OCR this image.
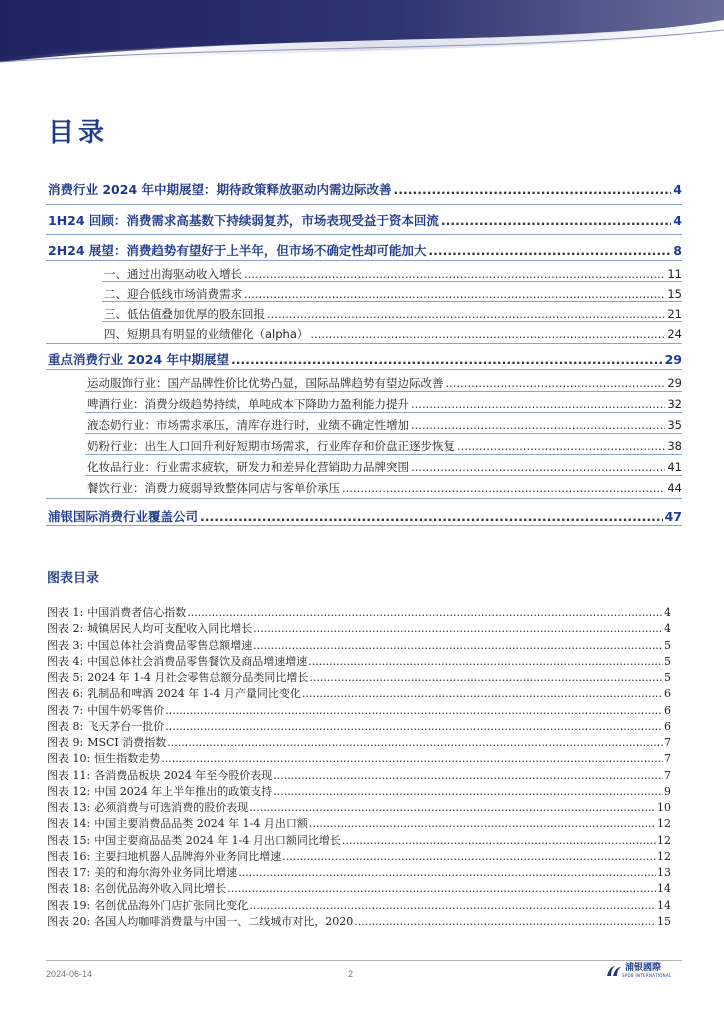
目录
消费行业 2024 年中期展望：期待政策释放驱动内需边际改善 .....	4
1H24 回顾：消费需求高基数下持续弱复苏，市场表现受益于资本回流 .....	4
2H24 展望：消费趋势有望好于上半年，但市场不确定性却可能加大 .....	8
一、通过出海驱动收入增长 .....	11
二、迎合低线市场消费需求 .....	15
三、低估值叠加优厚的股东回报 .....	21
四、短期具有明显的业绩催化（alpha） .....	24
重点消费行业 2024 年中期展望 .....	29
运动服饰行业：国产品牌性价比优势凸显，国际品牌趋势有望边际改善 .....	29
啤酒行业：消费分级趋势持续，单吨成本下降助力盈利能力提升 .....	32
液态奶行业：市场需求承压，清库存进行时，业绩不确定性增加 .....	35
奶粉行业：出生人口回升利好短期市场需求，行业库存和价盘正逐步恢复 .....	38
化妆品行业：行业需求疲软，研发力和差异化营销助力品牌突围 .....	41
餐饮行业：消费力疲弱导致整体同店与客单价承压 .....	44
浦银国际消费行业覆盖公司 .....	47
图表目录
图表 1: 中国消费者信心指数 .....	4
图表 2: 城镇居民人均可支配收入同比增长 .....	4
图表 3: 中国总体社会消费品零售总额增速 .....	5
图表 4: 中国总体社会消费品零售餐饮及商品增速增速 .....	5
图表 5: 2024 年 1-4 月社会零售总额分品类同比增长 .....	5
图表 6: 乳制品和啤酒 2024 年 1-4 月产量同比变化 .....	6
图表 7: 中国牛奶零售价 .....	6
图表 8: 飞天茅台一批价 .....	6
图表 9: MSCI 消费指数 .....	7
图表 10: 恒生指数走势 .....	7
图表 11: 各消费品板块 2024 年至今股价表现 .....	7
图表 12: 中国 2024 年上半年推出的政策支持 .....	9
图表 13: 必须消费与可选消费的股价表现 .....	10
图表 14: 中国主要消费品品类 2024 年 1-4 月出口额 .....	12
图表 15: 中国主要商品品类 2024 年 1-4 月出口额同比增长 .....	12
图表 16: 主要扫地机器人品牌海外业务同比增速 .....	12
图表 17: 美的和海尔海外业务同比增速 .....	13
图表 18: 名创优品海外收入同比增长 .....	14
图表 19: 名创优品海外门店扩张同比变化 .....	14
图表 20: 各国人均咖啡消费量与中国一、二线城市对比，2020 .....	15
2024-06-14	2
浦银國際
SPDB INTERNATIONAL
